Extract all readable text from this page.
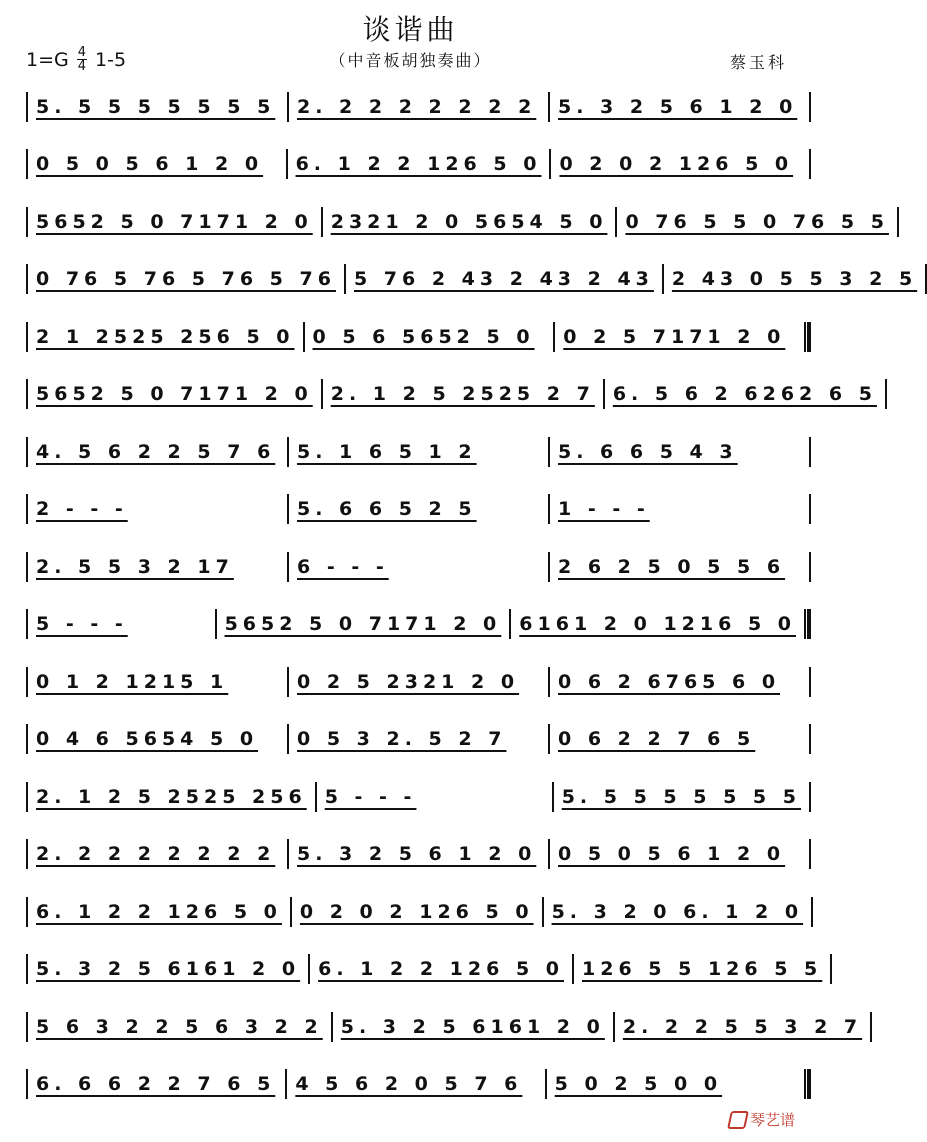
谈谐曲
（中音板胡独奏曲）
$1=G \frac{4}{4} 1-5$	蔡玉科
5. 5 5 5 5 5 5 5	2. 2 2 2 2 2 2 2	5. 3 2 5 6 1 2 0
0 5 0 5 6 1 2 0	6. 1 2 2 126 5 0 0 2 0 2 126 5 0
5652 5 0 7171 2 0 2321 2 0 5654 5 0 0 76 5 5 0 76 5 5
0 76 5 76 5 76 5 76 5 76 2 43 2 43 2 43 2 43 0 5 5 3 2 5
2 1 2525 256 5 0 0 5 6 5652 5 0	0 2 5 7171 2 0
5652 5 0 7171 2 0 2. 1 2 5 2525 2 7 6. 5 6 2 6262 6 5
4. 5 6 2 2 5 7 6	5. 1 6 5 1 2	5. 6 6 5 4 3
2 - - -	5. 6 6 5 2 5	1 - - -
2. 5 5 3 2 17	6 - - -	2 6 2 5 0 5 5 6
5 - - -	5652 5 0 7171 2 0 6161 2 0 1216 5 0
0 1 2 1215 1	0 2 5 2321 2 0	0 6 2 6765 6 0
0 4 6 5654 5 0	0 5 3 2. 5 2 7	0 6 2 2 7 6 5
2. 1 2 5 2525 256 5 - - -	5. 5 5 5 5 5 5 5
2. 2 2 2 2 2 2 2	5. 3 2 5 6 1 2 0	0 5 0 5 6 1 2 0
6. 1 2 2 126 5 0 0 2 0 2 126 5 0 5. 3 2 0 6. 1 2 0
5. 3 2 5 6161 2 0 6. 1 2 2 126 5 0 126 5 5 126 5 5
5 6 3 2 2 5 6 3 2 2 5. 3 2 5 6161 2 0 2. 2 2 5 5 3 2 7
6. 6 6 2 2 7 6 5	4 5 6 2 0 5 7 6	5 0 2 5 0 0
琴艺谱
